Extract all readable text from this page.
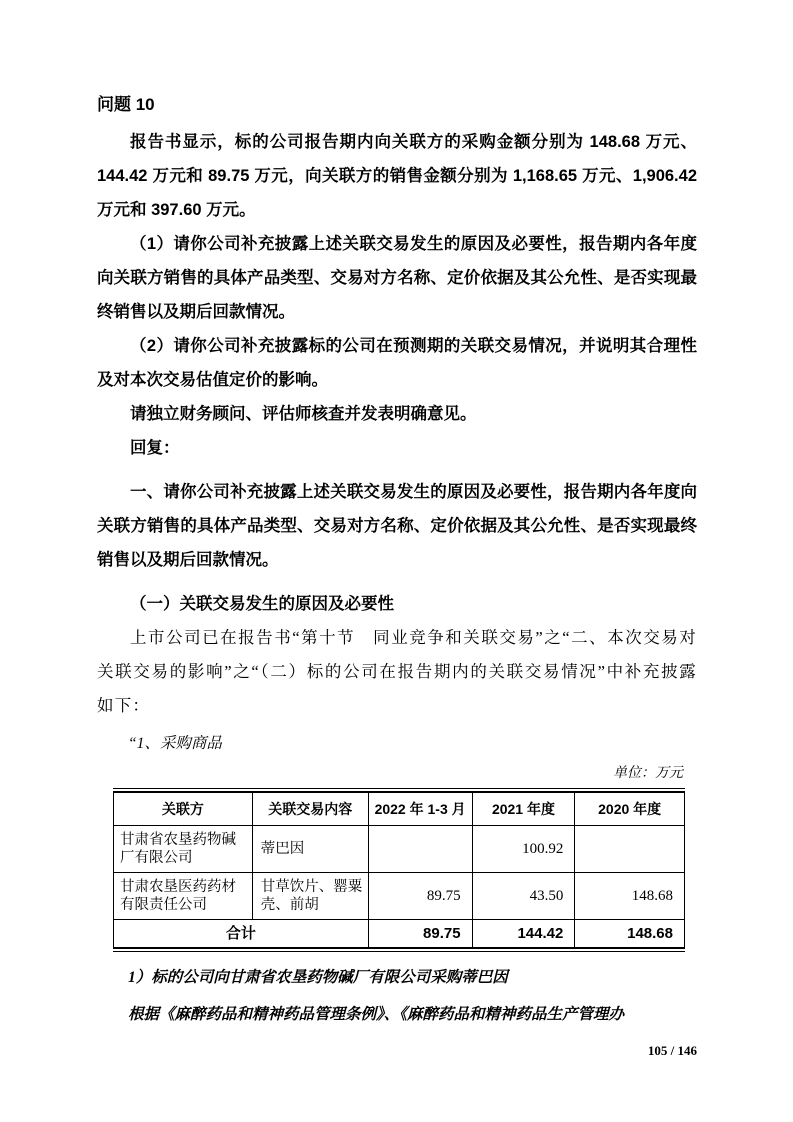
问题 10

报告书显示，标的公司报告期内向关联方的采购金额分别为 148.68 万元、144.42 万元和 89.75 万元，向关联方的销售金额分别为 1,168.65 万元、1,906.42 万元和 397.60 万元。

（1）请你公司补充披露上述关联交易发生的原因及必要性，报告期内各年度向关联方销售的具体产品类型、交易对方名称、定价依据及其公允性、是否实现最终销售以及期后回款情况。

（2）请你公司补充披露标的公司在预测期的关联交易情况，并说明其合理性及对本次交易估值定价的影响。

请独立财务顾问、评估师核查并发表明确意见。

回复：

一、请你公司补充披露上述关联交易发生的原因及必要性，报告期内各年度向关联方销售的具体产品类型、交易对方名称、定价依据及其公允性、是否实现最终销售以及期后回款情况。

（一）关联交易发生的原因及必要性

上市公司已在报告书“第十节　同业竞争和关联交易”之“二、本次交易对关联交易的影响”之“（二）标的公司在报告期内的关联交易情况”中补充披露如下：

“1、采购商品

单位：万元
关联方	关联交易内容	2022 年 1-3 月	2021 年度	2020 年度
甘肃省农垦药物碱厂有限公司	蒂巴因		100.92	
甘肃农垦医药药材有限责任公司	甘草饮片、罂粟壳、前胡	89.75	43.50	148.68
合计		89.75	144.42	148.68

1）标的公司向甘肃省农垦药物碱厂有限公司采购蒂巴因

根据《麻醉药品和精神药品管理条例》、《麻醉药品和精神药品生产管理办

105 / 146
